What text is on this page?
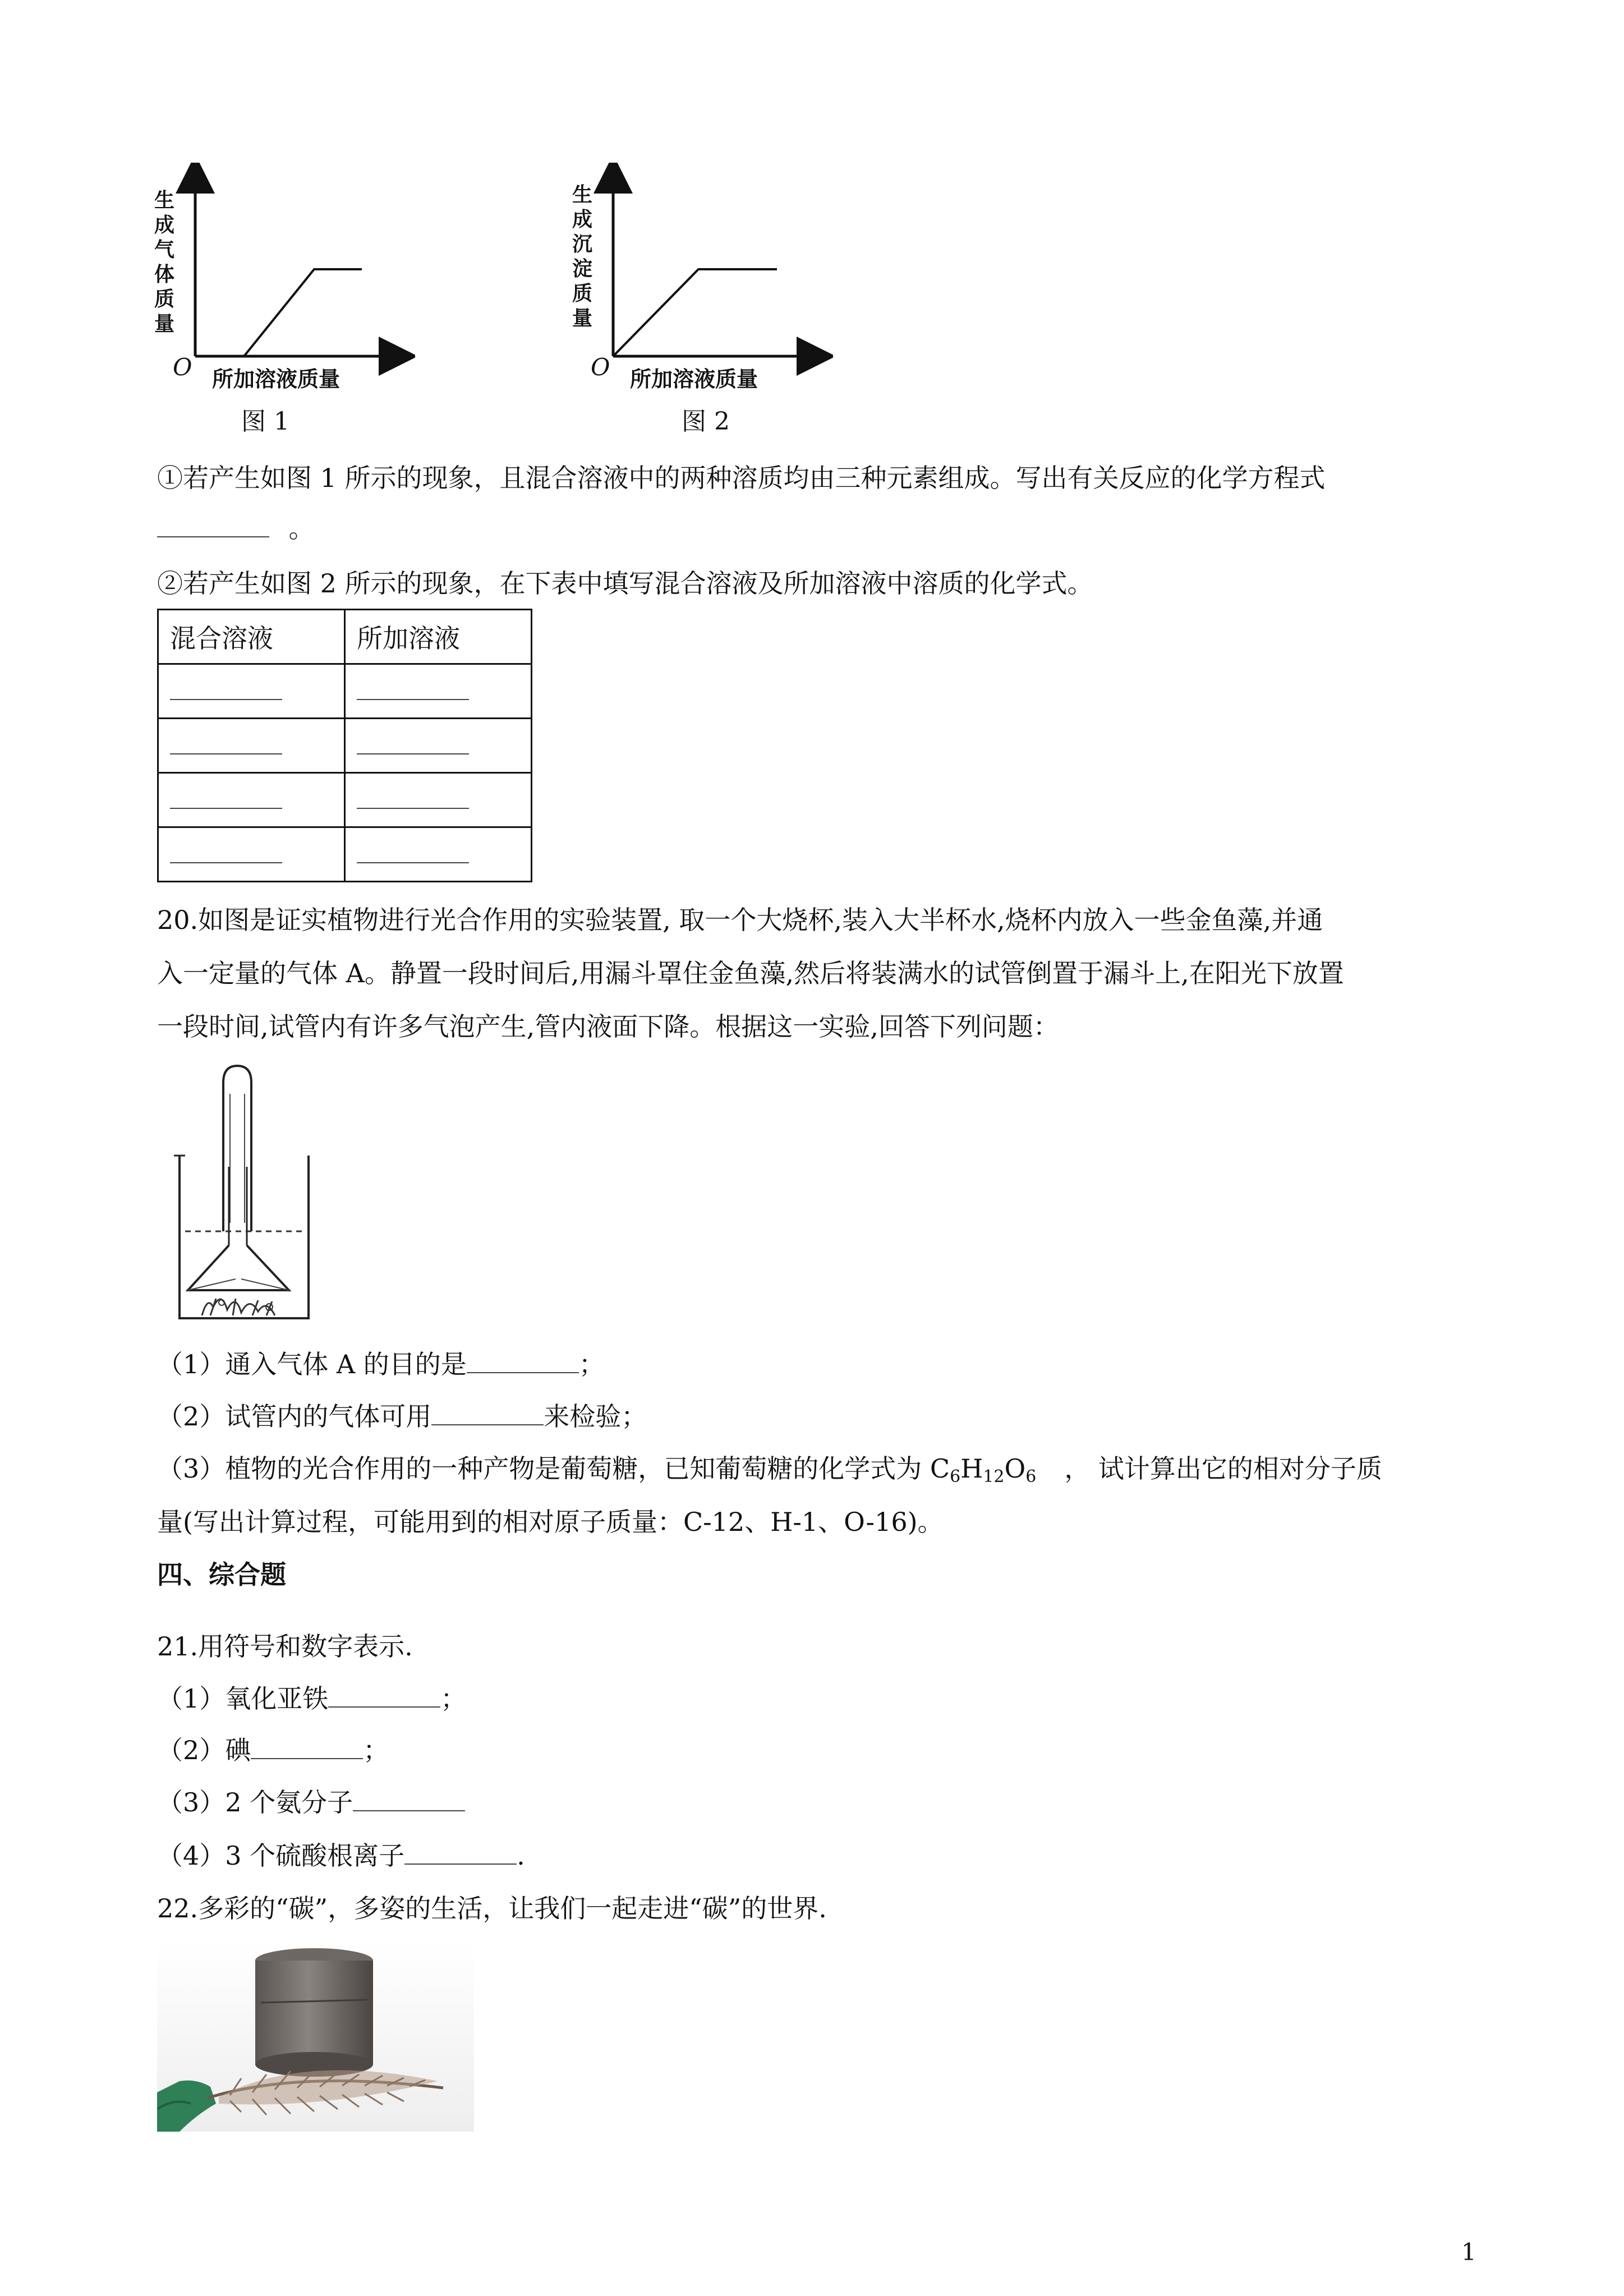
生
成
气
体
质
量
O 所加溶液质量
图 1
生
成
沉
淀
质
量
O 所加溶液质量
图 2
①若产生如图 1 所示的现象，且混合溶液中的两种溶质均由三种元素组成。写出有关反应的化学方程式
。
②若产生如图 2 所示的现象，在下表中填写混合溶液及所加溶液中溶质的化学式。
混合溶液	所加溶液

20.如图是证实植物进行光合作用的实验装置, 取一个大烧杯,装入大半杯水,烧杯内放入一些金鱼藻,并通
入一定量的气体 A。静置一段时间后,用漏斗罩住金鱼藻,然后将装满水的试管倒置于漏斗上,在阳光下放置
一段时间,试管内有许多气泡产生,管内液面下降。根据这一实验,回答下列问题：
（1）通入气体 A 的目的是	；
（2）试管内的气体可用	来检验；
（3）植物的光合作用的一种产物是葡萄糖，已知葡萄糖的化学式为 $C_6H_{12}O_6$ ， 试计算出它的相对分子质
量(写出计算过程，可能用到的相对原子质量：C-12、H-1、O-16)。
四、综合题
21.用符号和数字表示.
（1）氧化亚铁	；
（2）碘	；
（3）2 个氨分子
（4）3 个硫酸根离子	.
22.多彩的“碳”，多姿的生活，让我们一起走进“碳”的世界.
1
